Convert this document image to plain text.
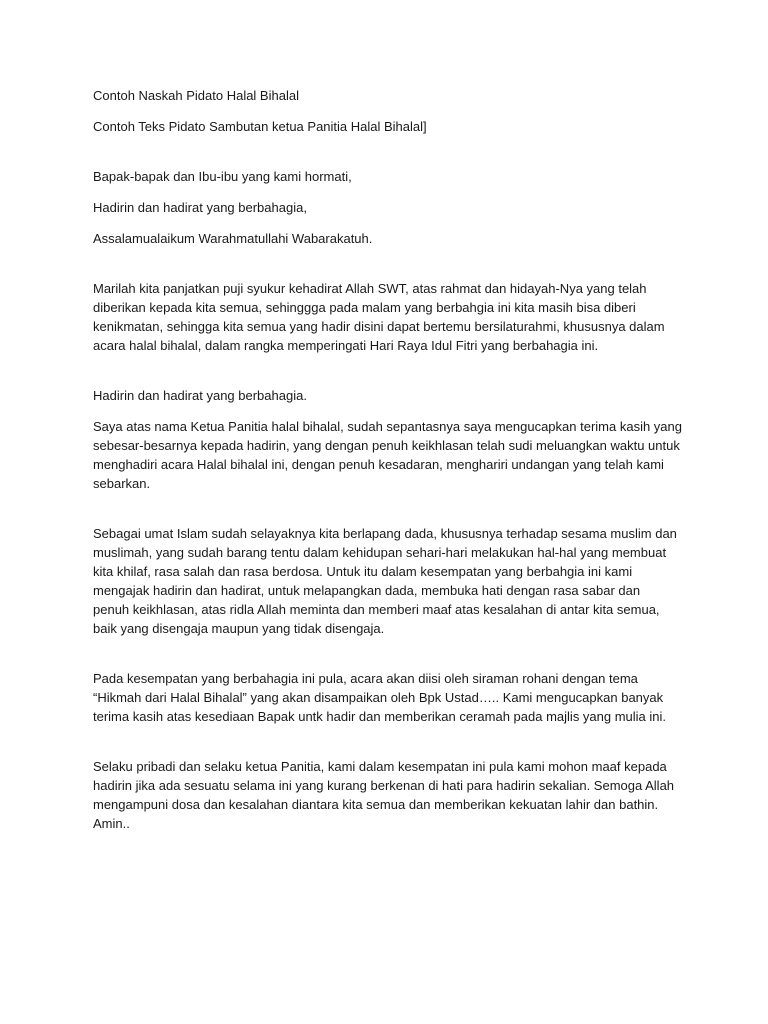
Contoh Naskah Pidato Halal Bihalal

Contoh Teks Pidato Sambutan ketua Panitia Halal Bihalal]

Bapak-bapak dan Ibu-ibu yang kami hormati,

Hadirin dan hadirat yang berbahagia,

Assalamualaikum Warahmatullahi Wabarakatuh.

Marilah kita panjatkan puji syukur kehadirat Allah SWT, atas rahmat dan hidayah-Nya yang telah
diberikan kepada kita semua, sehinggga pada malam yang berbahgia ini kita masih bisa diberi
kenikmatan, sehingga kita semua yang hadir disini dapat bertemu bersilaturahmi, khususnya dalam
acara halal bihalal, dalam rangka memperingati Hari Raya Idul Fitri yang berbahagia ini.

Hadirin dan hadirat yang berbahagia.

Saya atas nama Ketua Panitia halal bihalal, sudah sepantasnya saya mengucapkan terima kasih yang
sebesar-besarnya kepada hadirin, yang dengan penuh keikhlasan telah sudi meluangkan waktu untuk
menghadiri acara Halal bihalal ini, dengan penuh kesadaran, menghariri undangan yang telah kami
sebarkan.
Sebagai umat Islam sudah selayaknya kita berlapang dada, khususnya terhadap sesama muslim dan
muslimah, yang sudah barang tentu dalam kehidupan sehari-hari melakukan hal-hal yang membuat
kita khilaf, rasa salah dan rasa berdosa. Untuk itu dalam kesempatan yang berbahgia ini kami
mengajak hadirin dan hadirat, untuk melapangkan dada, membuka hati dengan rasa sabar dan
penuh keikhlasan, atas ridla Allah meminta dan memberi maaf atas kesalahan di antar kita semua,
baik yang disengaja maupun yang tidak disengaja.
Pada kesempatan yang berbahagia ini pula, acara akan diisi oleh siraman rohani dengan tema
“Hikmah dari Halal Bihalal” yang akan disampaikan oleh Bpk Ustad….. Kami mengucapkan banyak
terima kasih atas kesediaan Bapak untk hadir dan memberikan ceramah pada majlis yang mulia ini.
Selaku pribadi dan selaku ketua Panitia, kami dalam kesempatan ini pula kami mohon maaf kepada
hadirin jika ada sesuatu selama ini yang kurang berkenan di hati para hadirin sekalian. Semoga Allah
mengampuni dosa dan kesalahan diantara kita semua dan memberikan kekuatan lahir dan bathin.
Amin..
